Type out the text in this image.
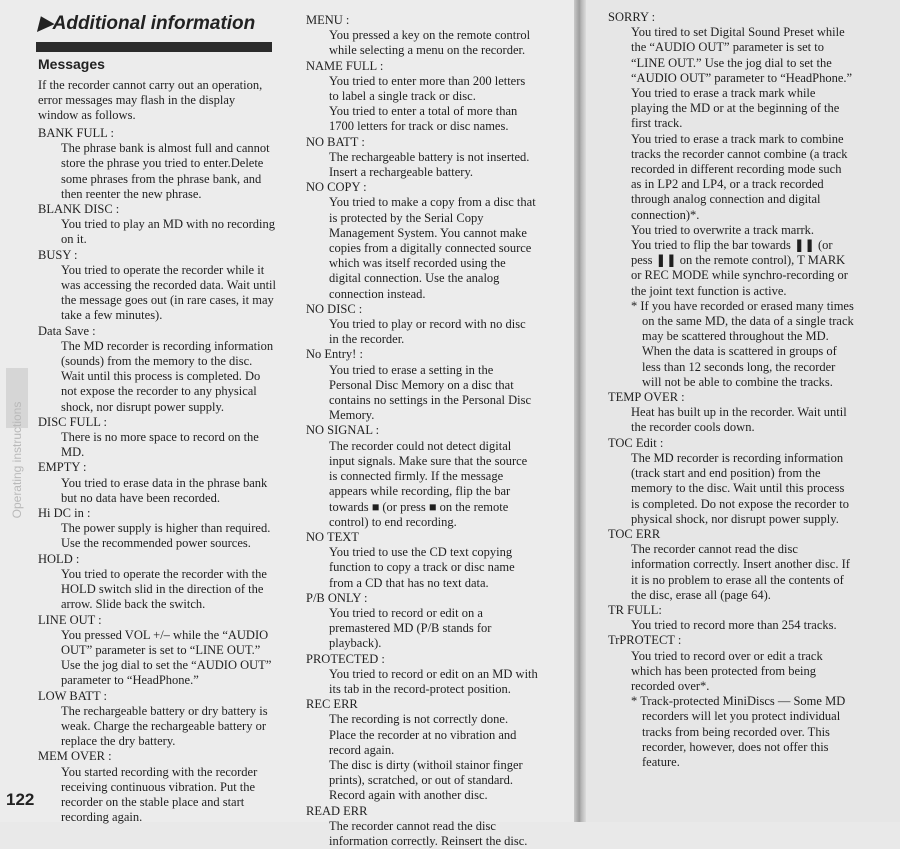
Operating instructions
▶Additional information
Messages
If the recorder cannot carry out an operation, error messages may flash in the display window as follows.

BANK FULL :

The phrase bank is almost full and cannot store the phrase you tried to enter.Delete some phrases from the phrase bank, and then reenter the new phrase.

BLANK DISC :

You tried to play an MD with no recording on it.

BUSY :

You tried to operate the recorder while it was accessing the recorded data. Wait until the message goes out (in rare cases, it may take a few minutes).

Data Save :

The MD recorder is recording information (sounds) from the memory to the disc. Wait until this process is completed. Do not expose the recorder to any physical shock, nor disrupt power supply.

DISC FULL :

There is no more space to record on the MD.

EMPTY :

You tried to erase data in the phrase bank but no data have been recorded.

Hi DC in :

The power supply is higher than required. Use the recommended power sources.

HOLD :

You tried to operate the recorder with the HOLD switch slid in the direction of the arrow. Slide back the switch.

LINE OUT :

You pressed VOL +/– while the “AUDIO OUT” parameter is set to “LINE OUT.” Use the jog dial to set the “AUDIO OUT” parameter to “HeadPhone.”

LOW BATT :

The rechargeable battery or dry battery is weak. Charge the rechargeable battery or replace the dry battery.

MEM OVER :

You started recording with the recorder receiving continuous vibration. Put the recorder on the stable place and start recording again.

MENU :

You pressed a key on the remote control while selecting a menu on the recorder.

NAME FULL :

You tried to enter more than 200 letters to label a single track or disc.

You tried to enter a total of more than 1700 letters for track or disc names.

NO BATT :

The rechargeable battery is not inserted. Insert a rechargeable battery.

NO COPY :

You tried to make a copy from a disc that is protected by the Serial Copy Management System. You cannot make copies from a digitally connected source which was itself recorded using the digital connection. Use the analog connection instead.

NO DISC :

You tried to play or record with no disc in the recorder.

No Entry! :

You tried to erase a setting in the Personal Disc Memory on a disc that contains no settings in the Personal Disc Memory.

NO SIGNAL :

The recorder could not detect digital input signals. Make sure that the source is connected firmly. If the message appears while recording, flip the bar towards ■ (or press ■ on the remote control) to end recording.

NO TEXT

You tried to use the CD text copying function to copy a track or disc name from a CD that has no text data.

P/B ONLY :

You tried to record or edit on a premastered MD (P/B stands for playback).

PROTECTED :

You tried to record or edit on an MD with its tab in the record-protect position.

REC ERR

The recording is not correctly done. Place the recorder at no vibration and record again.

The disc is dirty (withoil stainor finger prints), scratched, or out of standard. Record again with another disc.

READ ERR

The recorder cannot read the disc information correctly. Reinsert the disc.

SORRY :

You tired to set Digital Sound Preset while the “AUDIO OUT” parameter is set to “LINE OUT.” Use the jog dial to set the “AUDIO OUT” parameter to “HeadPhone.”

You tried to erase a track mark while playing the MD or at the beginning of the first track.

You tried to erase a track mark to combine tracks the recorder cannot combine (a track recorded in different recording mode such as in LP2 and LP4, or a track recorded through analog connection and digital connection)*.

You tried to overwrite a track marrk.

You tried to flip the bar towards ❚❚ (or pess ❚❚ on the remote control), T MARK or REC MODE while synchro-recording or the joint text function is active.

* If you have recorded or erased many times on the same MD, the data of a single track may be scattered throughout the MD. When the data is scattered in groups of less than 12 seconds long, the recorder will not be able to combine the tracks.

TEMP OVER :

Heat has built up in the recorder. Wait until the recorder cools down.

TOC Edit :

The MD recorder is recording information (track start and end position) from the memory to the disc. Wait until this process is completed. Do not expose the recorder to physical shock, nor disrupt power supply.

TOC ERR

The recorder cannot read the disc information correctly. Insert another disc. If it is no problem to erase all the contents of the disc, erase all (page 64).

TR FULL:

You tried to record more than 254 tracks.

TrPROTECT :

You tried to record over or edit a track which has been protected from being recorded over*.

* Track-protected MiniDiscs — Some MD recorders will let you protect individual tracks from being recorded over. This recorder, however, does not offer this feature.

122
